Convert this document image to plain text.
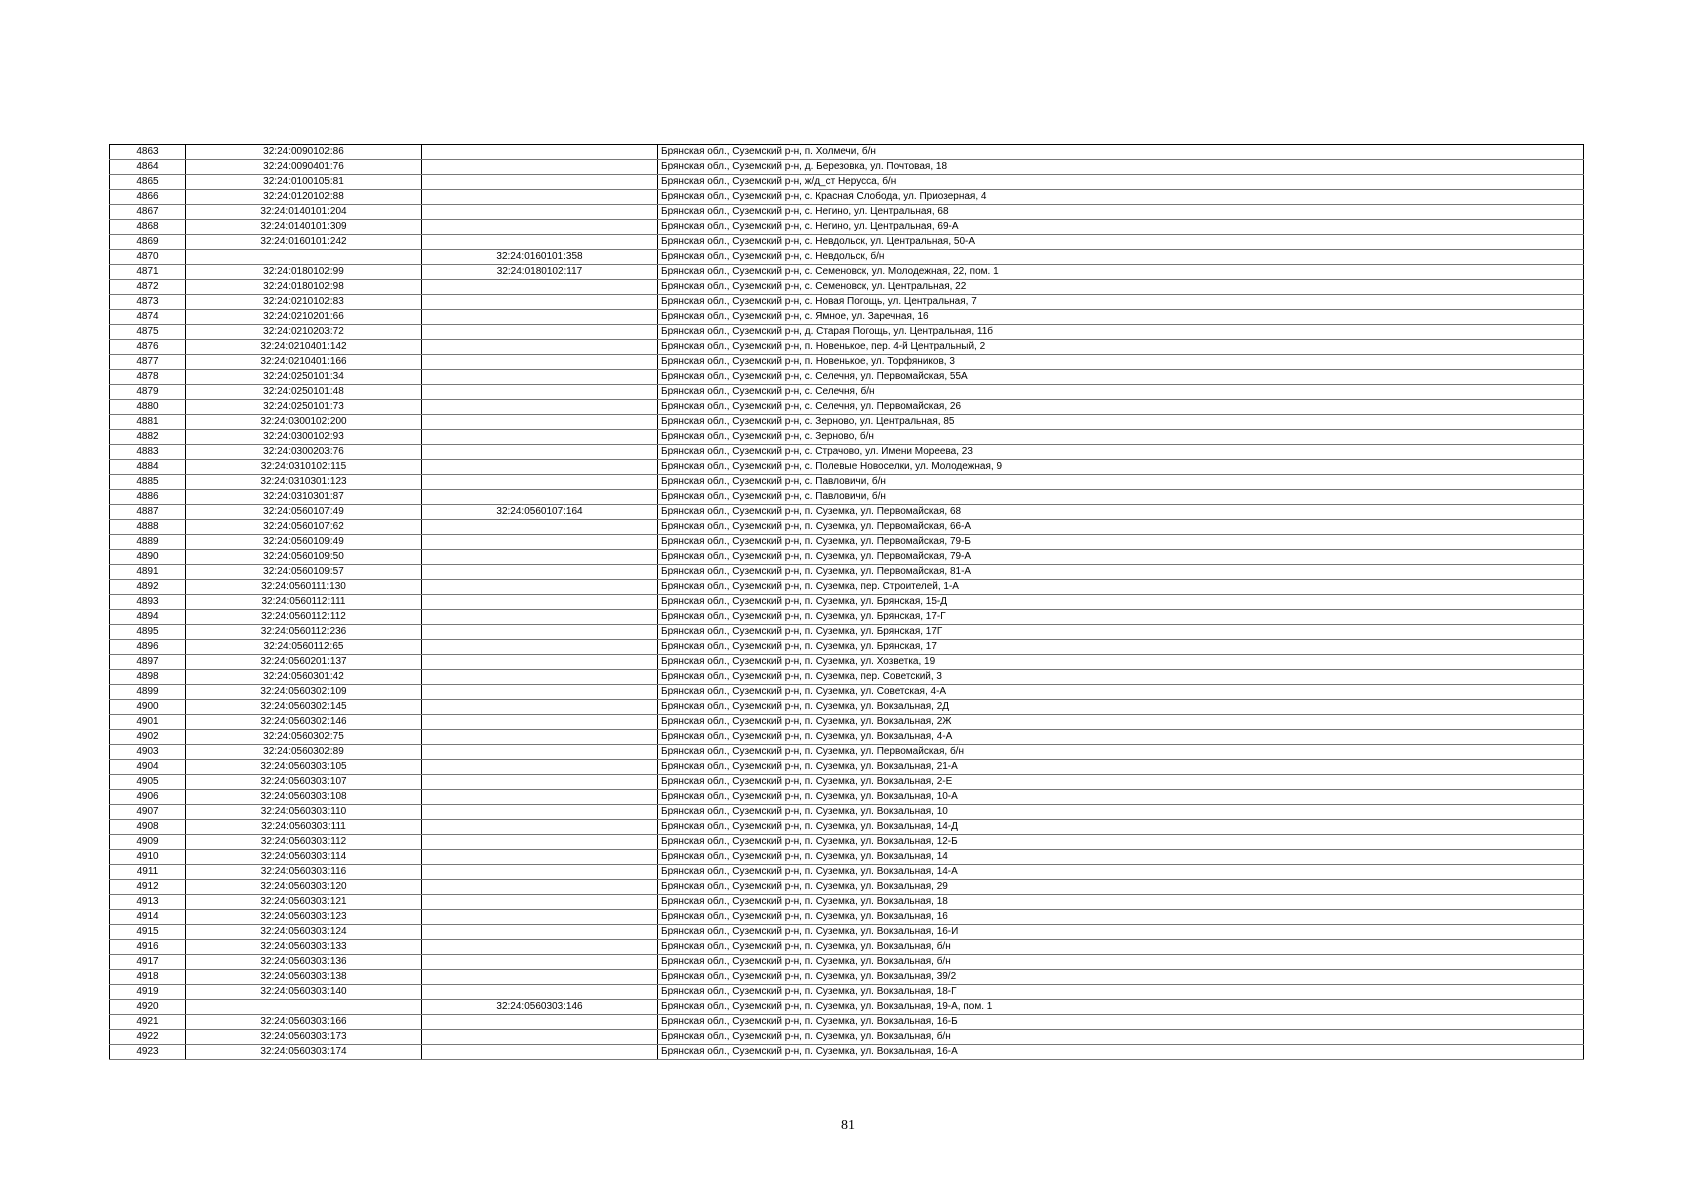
4863	32:24:0090102:86		Брянская обл., Суземский р-н, п. Холмечи, б/н
4864	32:24:0090401:76		Брянская обл., Суземский р-н, д. Березовка, ул. Почтовая, 18
4865	32:24:0100105:81		Брянская обл., Суземский р-н, ж/д_ст Нерусса, б/н
4866	32:24:0120102:88		Брянская обл., Суземский р-н, с. Красная Слобода, ул. Приозерная, 4
4867	32:24:0140101:204		Брянская обл., Суземский р-н, с. Негино, ул. Центральная, 68
4868	32:24:0140101:309		Брянская обл., Суземский р-н, с. Негино, ул. Центральная, 69-А
4869	32:24:0160101:242		Брянская обл., Суземский р-н, с. Невдольск, ул. Центральная, 50-А
4870		32:24:0160101:358	Брянская обл., Суземский р-н, с. Невдольск, б/н
4871	32:24:0180102:99	32:24:0180102:117	Брянская обл., Суземский р-н, с. Семеновск, ул. Молодежная, 22, пом. 1
4872	32:24:0180102:98		Брянская обл., Суземский р-н, с. Семеновск, ул. Центральная, 22
4873	32:24:0210102:83		Брянская обл., Суземский р-н, с. Новая Погощь, ул. Центральная, 7
4874	32:24:0210201:66		Брянская обл., Суземский р-н, с. Ямное, ул. Заречная, 16
4875	32:24:0210203:72		Брянская обл., Суземский р-н, д. Старая Погощь, ул. Центральная, 11б
4876	32:24:0210401:142		Брянская обл., Суземский р-н, п. Новенькое, пер. 4-й Центральный, 2
4877	32:24:0210401:166		Брянская обл., Суземский р-н, п. Новенькое, ул. Торфяников, 3
4878	32:24:0250101:34		Брянская обл., Суземский р-н, с. Селечня, ул. Первомайская, 55А
4879	32:24:0250101:48		Брянская обл., Суземский р-н, с. Селечня, б/н
4880	32:24:0250101:73		Брянская обл., Суземский р-н, с. Селечня, ул. Первомайская, 26
4881	32:24:0300102:200		Брянская обл., Суземский р-н, с. Зерново, ул. Центральная, 85
4882	32:24:0300102:93		Брянская обл., Суземский р-н, с. Зерново, б/н
4883	32:24:0300203:76		Брянская обл., Суземский р-н, с. Страчово, ул. Имени Мореева, 23
4884	32:24:0310102:115		Брянская обл., Суземский р-н, с. Полевые Новоселки, ул. Молодежная, 9
4885	32:24:0310301:123		Брянская обл., Суземский р-н, с. Павловичи, б/н
4886	32:24:0310301:87		Брянская обл., Суземский р-н, с. Павловичи, б/н
4887	32:24:0560107:49	32:24:0560107:164	Брянская обл., Суземский р-н, п. Суземка, ул. Первомайская, 68
4888	32:24:0560107:62		Брянская обл., Суземский р-н, п. Суземка, ул. Первомайская, 66-А
4889	32:24:0560109:49		Брянская обл., Суземский р-н, п. Суземка, ул. Первомайская, 79-Б
4890	32:24:0560109:50		Брянская обл., Суземский р-н, п. Суземка, ул. Первомайская, 79-А
4891	32:24:0560109:57		Брянская обл., Суземский р-н, п. Суземка, ул. Первомайская, 81-А
4892	32:24:0560111:130		Брянская обл., Суземский р-н, п. Суземка, пер. Строителей, 1-А
4893	32:24:0560112:111		Брянская обл., Суземский р-н, п. Суземка, ул. Брянская, 15-Д
4894	32:24:0560112:112		Брянская обл., Суземский р-н, п. Суземка, ул. Брянская, 17-Г
4895	32:24:0560112:236		Брянская обл., Суземский р-н, п. Суземка, ул. Брянская, 17Г
4896	32:24:0560112:65		Брянская обл., Суземский р-н, п. Суземка, ул. Брянская, 17
4897	32:24:0560201:137		Брянская обл., Суземский р-н, п. Суземка, ул. Хозветка, 19
4898	32:24:0560301:42		Брянская обл., Суземский р-н, п. Суземка, пер. Советский, 3
4899	32:24:0560302:109		Брянская обл., Суземский р-н, п. Суземка, ул. Советская, 4-А
4900	32:24:0560302:145		Брянская обл., Суземский р-н, п. Суземка, ул. Вокзальная, 2Д
4901	32:24:0560302:146		Брянская обл., Суземский р-н, п. Суземка, ул. Вокзальная, 2Ж
4902	32:24:0560302:75		Брянская обл., Суземский р-н, п. Суземка, ул. Вокзальная, 4-А
4903	32:24:0560302:89		Брянская обл., Суземский р-н, п. Суземка, ул. Первомайская, б/н
4904	32:24:0560303:105		Брянская обл., Суземский р-н, п. Суземка, ул. Вокзальная, 21-А
4905	32:24:0560303:107		Брянская обл., Суземский р-н, п. Суземка, ул. Вокзальная, 2-Е
4906	32:24:0560303:108		Брянская обл., Суземский р-н, п. Суземка, ул. Вокзальная, 10-А
4907	32:24:0560303:110		Брянская обл., Суземский р-н, п. Суземка, ул. Вокзальная, 10
4908	32:24:0560303:111		Брянская обл., Суземский р-н, п. Суземка, ул. Вокзальная, 14-Д
4909	32:24:0560303:112		Брянская обл., Суземский р-н, п. Суземка, ул. Вокзальная, 12-Б
4910	32:24:0560303:114		Брянская обл., Суземский р-н, п. Суземка, ул. Вокзальная, 14
4911	32:24:0560303:116		Брянская обл., Суземский р-н, п. Суземка, ул. Вокзальная, 14-А
4912	32:24:0560303:120		Брянская обл., Суземский р-н, п. Суземка, ул. Вокзальная, 29
4913	32:24:0560303:121		Брянская обл., Суземский р-н, п. Суземка, ул. Вокзальная, 18
4914	32:24:0560303:123		Брянская обл., Суземский р-н, п. Суземка, ул. Вокзальная, 16
4915	32:24:0560303:124		Брянская обл., Суземский р-н, п. Суземка, ул. Вокзальная, 16-И
4916	32:24:0560303:133		Брянская обл., Суземский р-н, п. Суземка, ул. Вокзальная, б/н
4917	32:24:0560303:136		Брянская обл., Суземский р-н, п. Суземка, ул. Вокзальная, б/н
4918	32:24:0560303:138		Брянская обл., Суземский р-н, п. Суземка, ул. Вокзальная, 39/2
4919	32:24:0560303:140		Брянская обл., Суземский р-н, п. Суземка, ул. Вокзальная, 18-Г
4920		32:24:0560303:146	Брянская обл., Суземский р-н, п. Суземка, ул. Вокзальная, 19-А, пом. 1
4921	32:24:0560303:166		Брянская обл., Суземский р-н, п. Суземка, ул. Вокзальная, 16-Б
4922	32:24:0560303:173		Брянская обл., Суземский р-н, п. Суземка, ул. Вокзальная, б/н
4923	32:24:0560303:174		Брянская обл., Суземский р-н, п. Суземка, ул. Вокзальная, 16-А
81
